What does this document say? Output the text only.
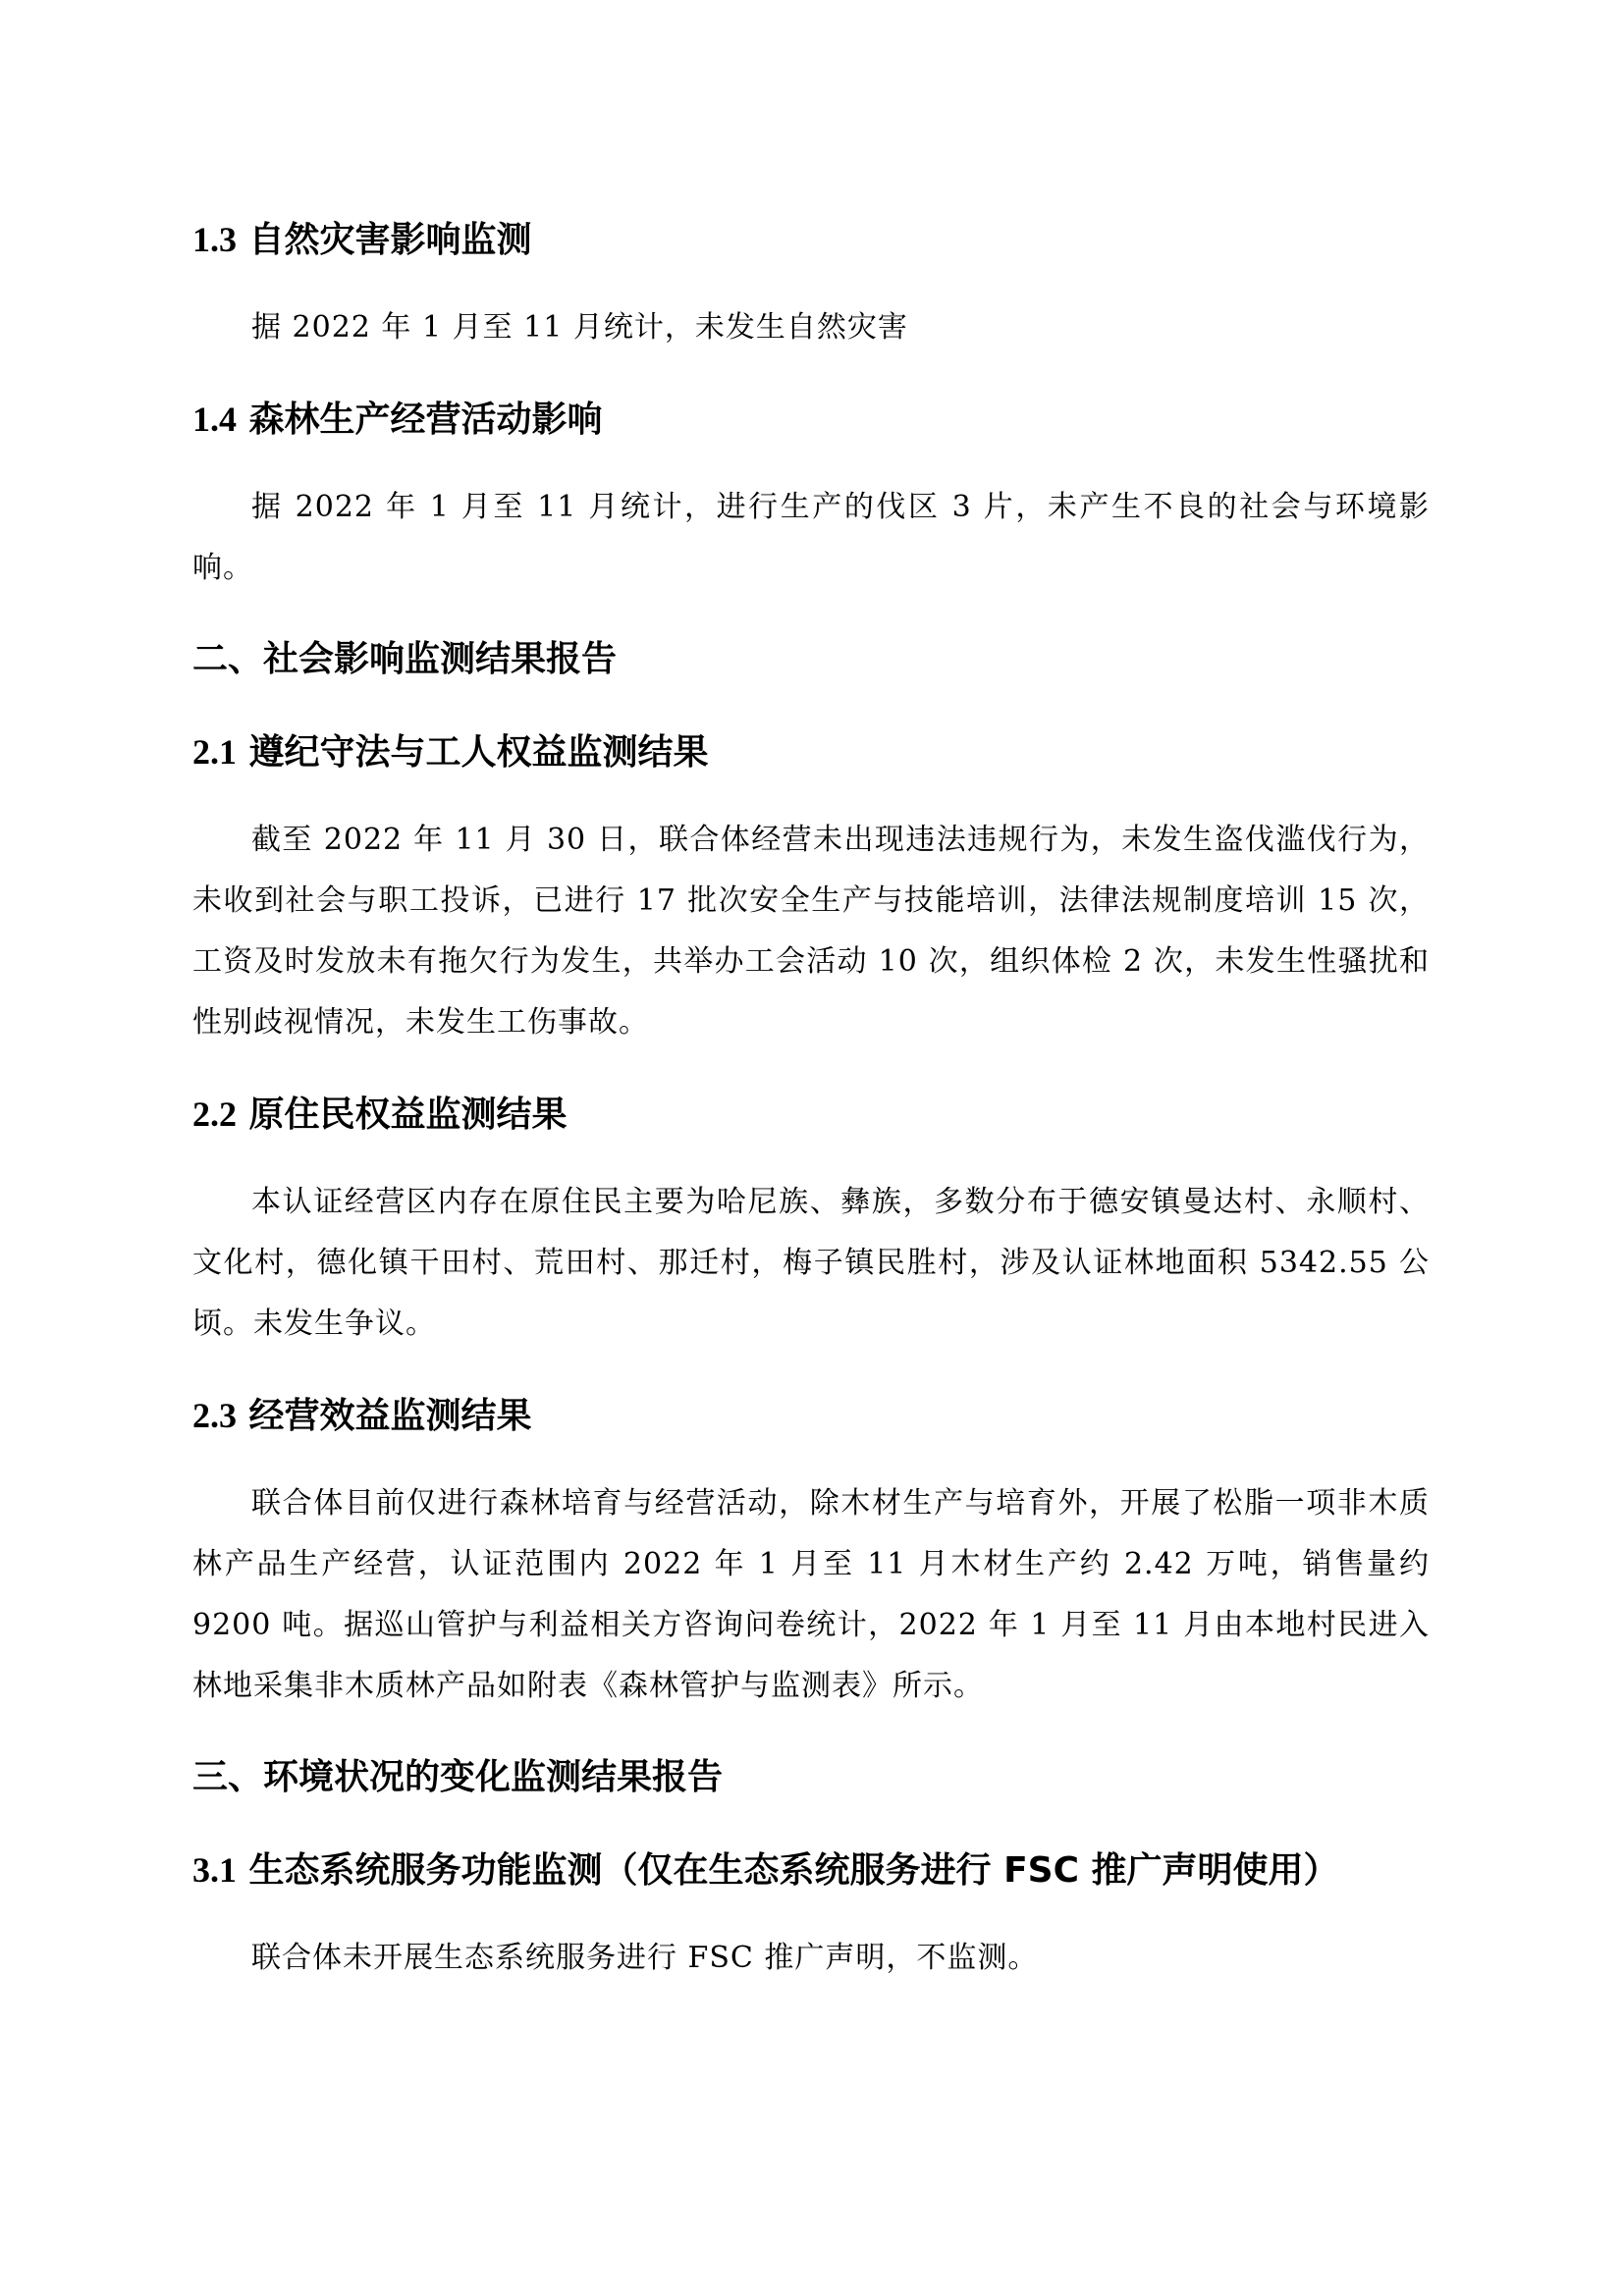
1.3 自然灾害影响监测

据 2022 年 1 月至 11 月统计，未发生自然灾害

1.4 森林生产经营活动影响

据 2022 年 1 月至 11 月统计，进行生产的伐区 3 片，未产生不良的社会与环境影响。

二、社会影响监测结果报告
2.1 遵纪守法与工人权益监测结果

截至 2022 年 11 月 30 日，联合体经营未出现违法违规行为，未发生盗伐滥伐行为，未收到社会与职工投诉，已进行 17 批次安全生产与技能培训，法律法规制度培训 15 次，工资及时发放未有拖欠行为发生，共举办工会活动 10 次，组织体检 2 次，未发生性骚扰和性别歧视情况，未发生工伤事故。

2.2 原住民权益监测结果

本认证经营区内存在原住民主要为哈尼族、彝族，多数分布于德安镇曼达村、永顺村、文化村，德化镇干田村、荒田村、那迁村，梅子镇民胜村，涉及认证林地面积 5342.55 公顷。未发生争议。

2.3 经营效益监测结果

联合体目前仅进行森林培育与经营活动，除木材生产与培育外，开展了松脂一项非木质林产品生产经营，认证范围内 2022 年 1 月至 11 月木材生产约 2.42 万吨，销售量约 9200 吨。据巡山管护与利益相关方咨询问卷统计，2022 年 1 月至 11 月由本地村民进入林地采集非木质林产品如附表《森林管护与监测表》所示。

三、环境状况的变化监测结果报告
3.1 生态系统服务功能监测（仅在生态系统服务进行 FSC 推广声明使用）

联合体未开展生态系统服务进行 FSC 推广声明，不监测。
